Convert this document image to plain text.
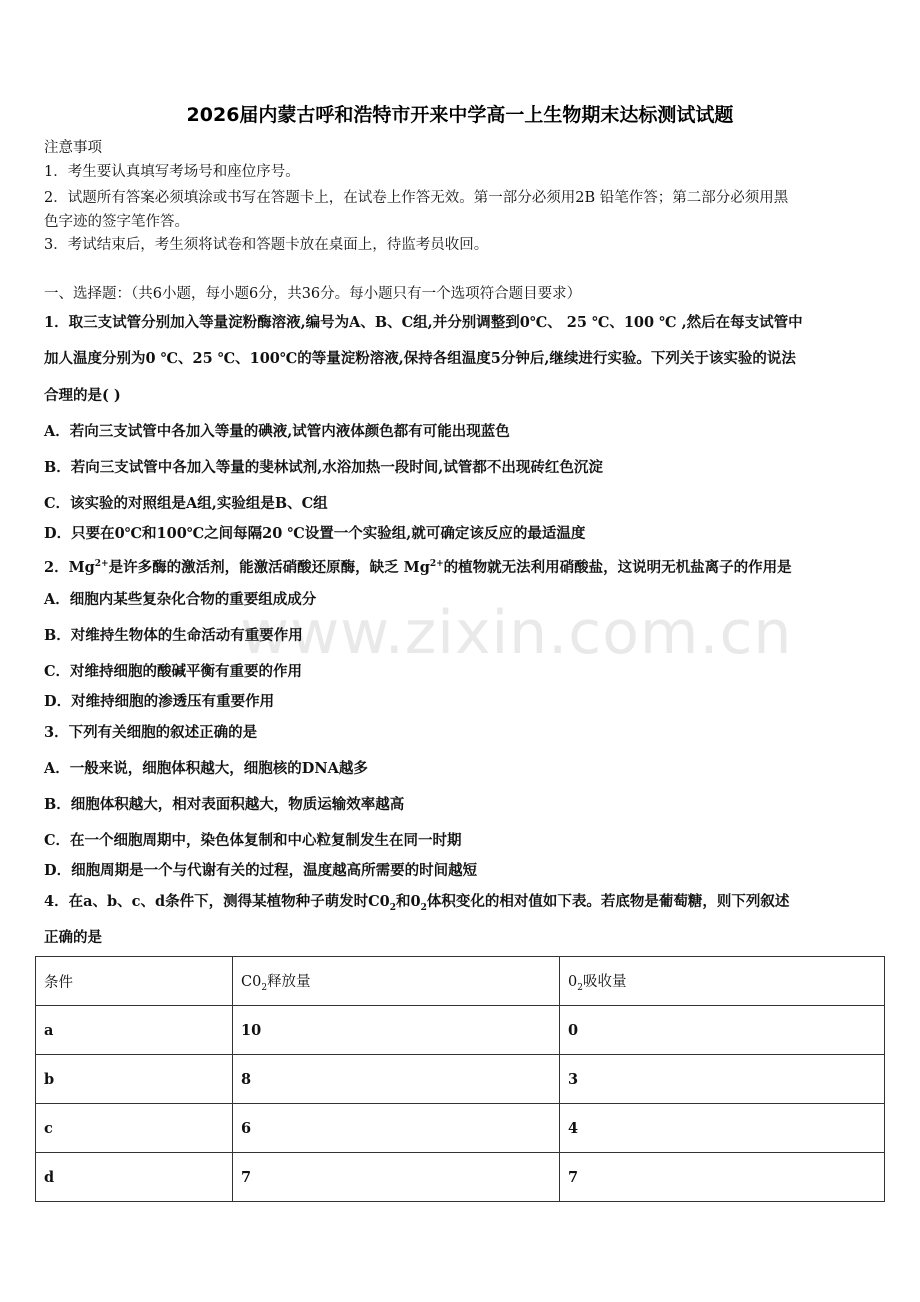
www.zixin.com.cn
2026届内蒙古呼和浩特市开来中学高一上生物期末达标测试试题
注意事项
1．考生要认真填写考场号和座位序号。
2．试题所有答案必须填涂或书写在答题卡上，在试卷上作答无效。第一部分必须用2B 铅笔作答；第二部分必须用黑
色字迹的签字笔作答。
3．考试结束后，考生须将试卷和答题卡放在桌面上，待监考员收回。
一、选择题：（共6小题，每小题6分，共36分。每小题只有一个选项符合题目要求）
1．取三支试管分别加入等量淀粉酶溶液,编号为A、B、C组,并分别调整到0℃、 25 ℃、100 ℃ ,然后在每支试管中
加人温度分别为0 ℃、25 ℃、100℃的等量淀粉溶液,保持各组温度5分钟后,继续进行实验。下列关于该实验的说法
合理的是( )
A．若向三支试管中各加入等量的碘液,试管内液体颜色都有可能出现蓝色
B．若向三支试管中各加入等量的斐林试剂,水浴加热一段时间,试管都不出现砖红色沉淀
C．该实验的对照组是A组,实验组是B、C组
D．只要在0℃和100℃之间每隔20 ℃设置一个实验组,就可确定该反应的最适温度
2．$Mg^{2+}$是许多酶的激活剂，能激活硝酸还原酶，缺乏 $Mg^{2+}$的植物就无法利用硝酸盐，这说明无机盐离子的作用是
A．细胞内某些复杂化合物的重要组成成分
B．对维持生物体的生命活动有重要作用
C．对维持细胞的酸碱平衡有重要的作用
D．对维持细胞的渗透压有重要作用
3．下列有关细胞的叙述正确的是
A．一般来说，细胞体积越大，细胞核的DNA越多
B．细胞体积越大，相对表面积越大，物质运输效率越高
C．在一个细胞周期中，染色体复制和中心粒复制发生在同一时期
D．细胞周期是一个与代谢有关的过程，温度越高所需要的时间越短
4．在a、b、c、d条件下，测得某植物种子萌发时$C0_2$和$0_2$体积变化的相对值如下表。若底物是葡萄糖，则下列叙述
正确的是
条件	$C0_2$释放量	$0_2$吸收量
a	10	0
b	8	3
c	6	4
d	7	7
